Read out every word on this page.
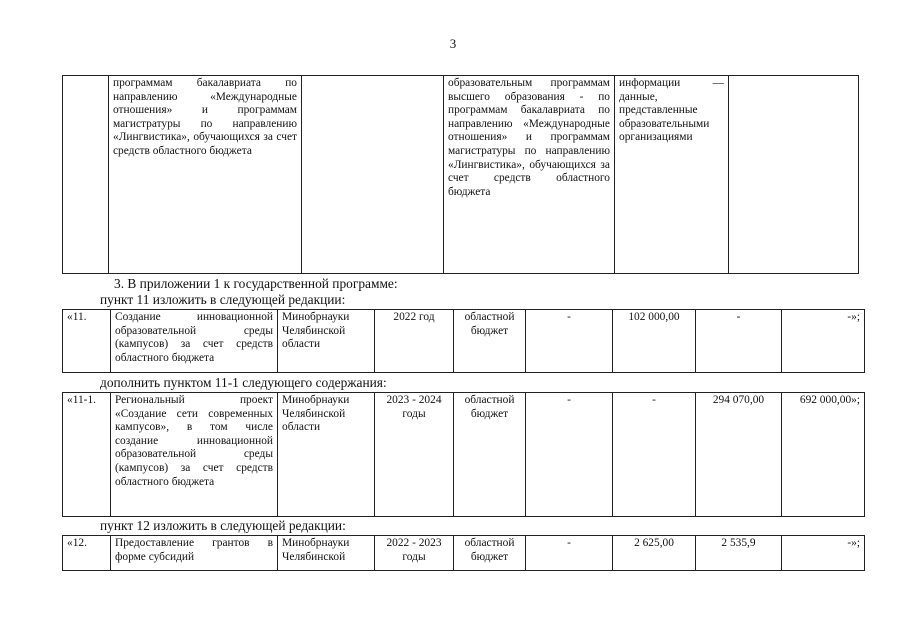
3
	программам бакалавриата по направлению «Международные отношения» и программам магистратуры по направлению «Лингвистика», обучающихся за счет средств областного бюджета		образовательным программам высшего образования - по программам бакалавриата по направлению «Международные отношения» и программам магистратуры по направлению «Лингвистика», обучающихся за счет средств областного бюджета	информации — данные, представленные образовательными организациями	
3. В приложении 1 к государственной программе:
пункт 11 изложить в следующей редакции:
«11.	Создание инновационной образовательной среды (кампусов) за счет средств областного бюджета	Минобрнауки Челябинской области	2022 год	областной бюджет	-	102 000,00	-	-»;
дополнить пунктом 11-1 следующего содержания:
«11-1.	Региональный проект «Создание сети современных кампусов», в том числе создание инновационной образовательной среды (кампусов) за счет средств областного бюджета	Минобрнауки Челябинской области	2023 - 2024 годы	областной бюджет	-	-	294 070,00	692 000,00»;
пункт 12 изложить в следующей редакции:
«12.	Предоставление грантов в форме субсидий	Минобрнауки Челябинской	2022 - 2023 годы	областной бюджет	-	2 625,00	2 535,9	-»;
